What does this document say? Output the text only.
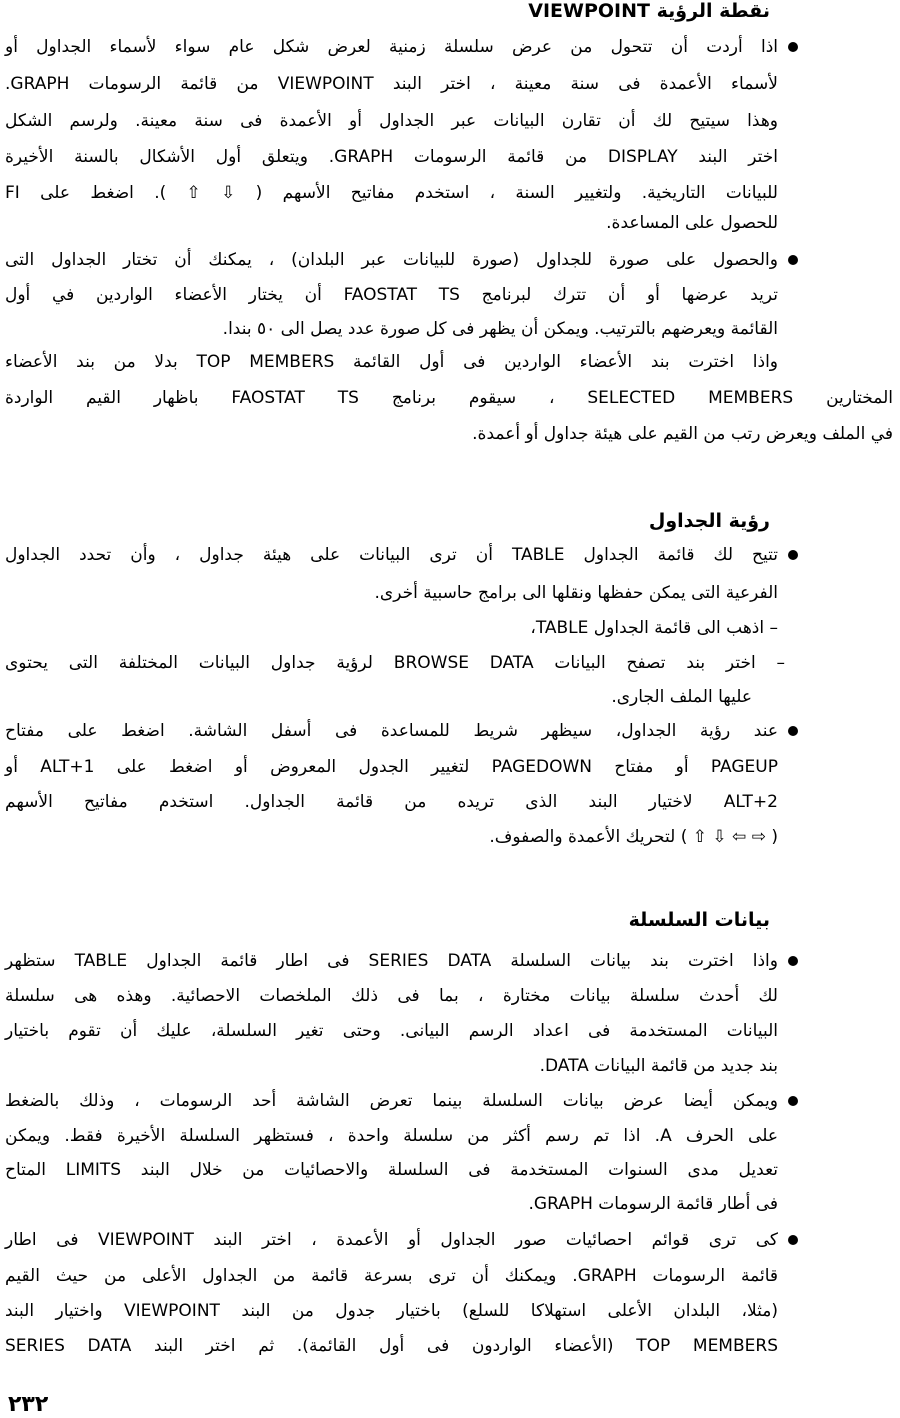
نقطة الرؤية VIEWPOINT
اذا أردت أن تتحول من عرض سلسلة زمنية لعرض شكل عام سواء لأسماء الجداول أو
لأسماء الأعمدة فى سنة معينة ، اختر البند VIEWPOINT من قائمة الرسومات GRAPH.
وهذا سيتيح لك أن تقارن البيانات عبر الجداول أو الأعمدة فى سنة معينة. ولرسم الشكل
اختر البند DISPLAY من قائمة الرسومات GRAPH. ويتعلق أول الأشكال بالسنة الأخيرة
للبيانات التاريخية. ولتغيير السنة ، استخدم مفاتيح الأسهم ( ⇩ ⇧ ). اضغط على FI
للحصول على المساعدة.
والحصول على صورة للجداول (صورة للبيانات عبر البلدان) ، يمكنك أن تختار الجداول التى
تريد عرضها أو أن تترك لبرنامج FAOSTAT TS أن يختار الأعضاء الواردين في أول
القائمة ويعرضهم بالترتيب. ويمكن أن يظهر فى كل صورة عدد يصل الى ٥٠ بندا.
واذا اخترت بند الأعضاء الواردين فى أول القائمة TOP MEMBERS بدلا من بند الأعضاء
المختارين SELECTED MEMBERS ، سيقوم برنامج FAOSTAT TS باظهار القيم الواردة
في الملف ويعرض رتب من القيم على هيئة جداول أو أعمدة.
رؤية الجداول
تتيح لك قائمة الجداول TABLE أن ترى البيانات على هيئة جداول ، وأن تحدد الجداول
الفرعية التى يمكن حفظها ونقلها الى برامج حاسبية أخرى.
– اذهب الى قائمة الجداول TABLE،
– اختر بند تصفح البيانات BROWSE DATA لرؤية جداول البيانات المختلفة التى يحتوى
عليها الملف الجارى.
عند رؤية الجداول، سيظهر شريط للمساعدة فى أسفل الشاشة. اضغط على مفتاح
PAGEUP أو مفتاح PAGEDOWN لتغيير الجدول المعروض أو اضغط على ALT+1 أو
ALT+2 لاختيار البند الذى تريده من قائمة الجداول. استخدم مفاتيح الأسهم
( ⇨ ⇦ ⇩ ⇧ ) لتحريك الأعمدة والصفوف.
بيانات السلسلة
واذا اخترت بند بيانات السلسلة SERIES DATA فى اطار قائمة الجداول TABLE ستظهر
لك أحدث سلسلة بيانات مختارة ، بما فى ذلك الملخصات الاحصائية. وهذه هى سلسلة
البيانات المستخدمة فى اعداد الرسم البيانى. وحتى تغير السلسلة، عليك أن تقوم باختيار
بند جديد من قائمة البيانات DATA.
ويمكن أيضا عرض بيانات السلسلة بينما تعرض الشاشة أحد الرسومات ، وذلك بالضغط
على الحرف A. اذا تم رسم أكثر من سلسلة واحدة ، فستظهر السلسلة الأخيرة فقط. ويمكن
تعديل مدى السنوات المستخدمة فى السلسلة والاحصائيات من خلال البند LIMITS المتاح
فى أطار قائمة الرسومات GRAPH.
كى ترى قوائم احصائيات صور الجداول أو الأعمدة ، اختر البند VIEWPOINT فى اطار
قائمة الرسومات GRAPH. ويمكنك أن ترى بسرعة قائمة من الجداول الأعلى من حيث القيم
(مثلا، البلدان الأعلى استهلاكا للسلع) باختيار جدول من البند VIEWPOINT واختيار البند
TOP MEMBERS (الأعضاء الواردون فى أول القائمة). ثم اختر البند SERIES DATA
٢٣٢
